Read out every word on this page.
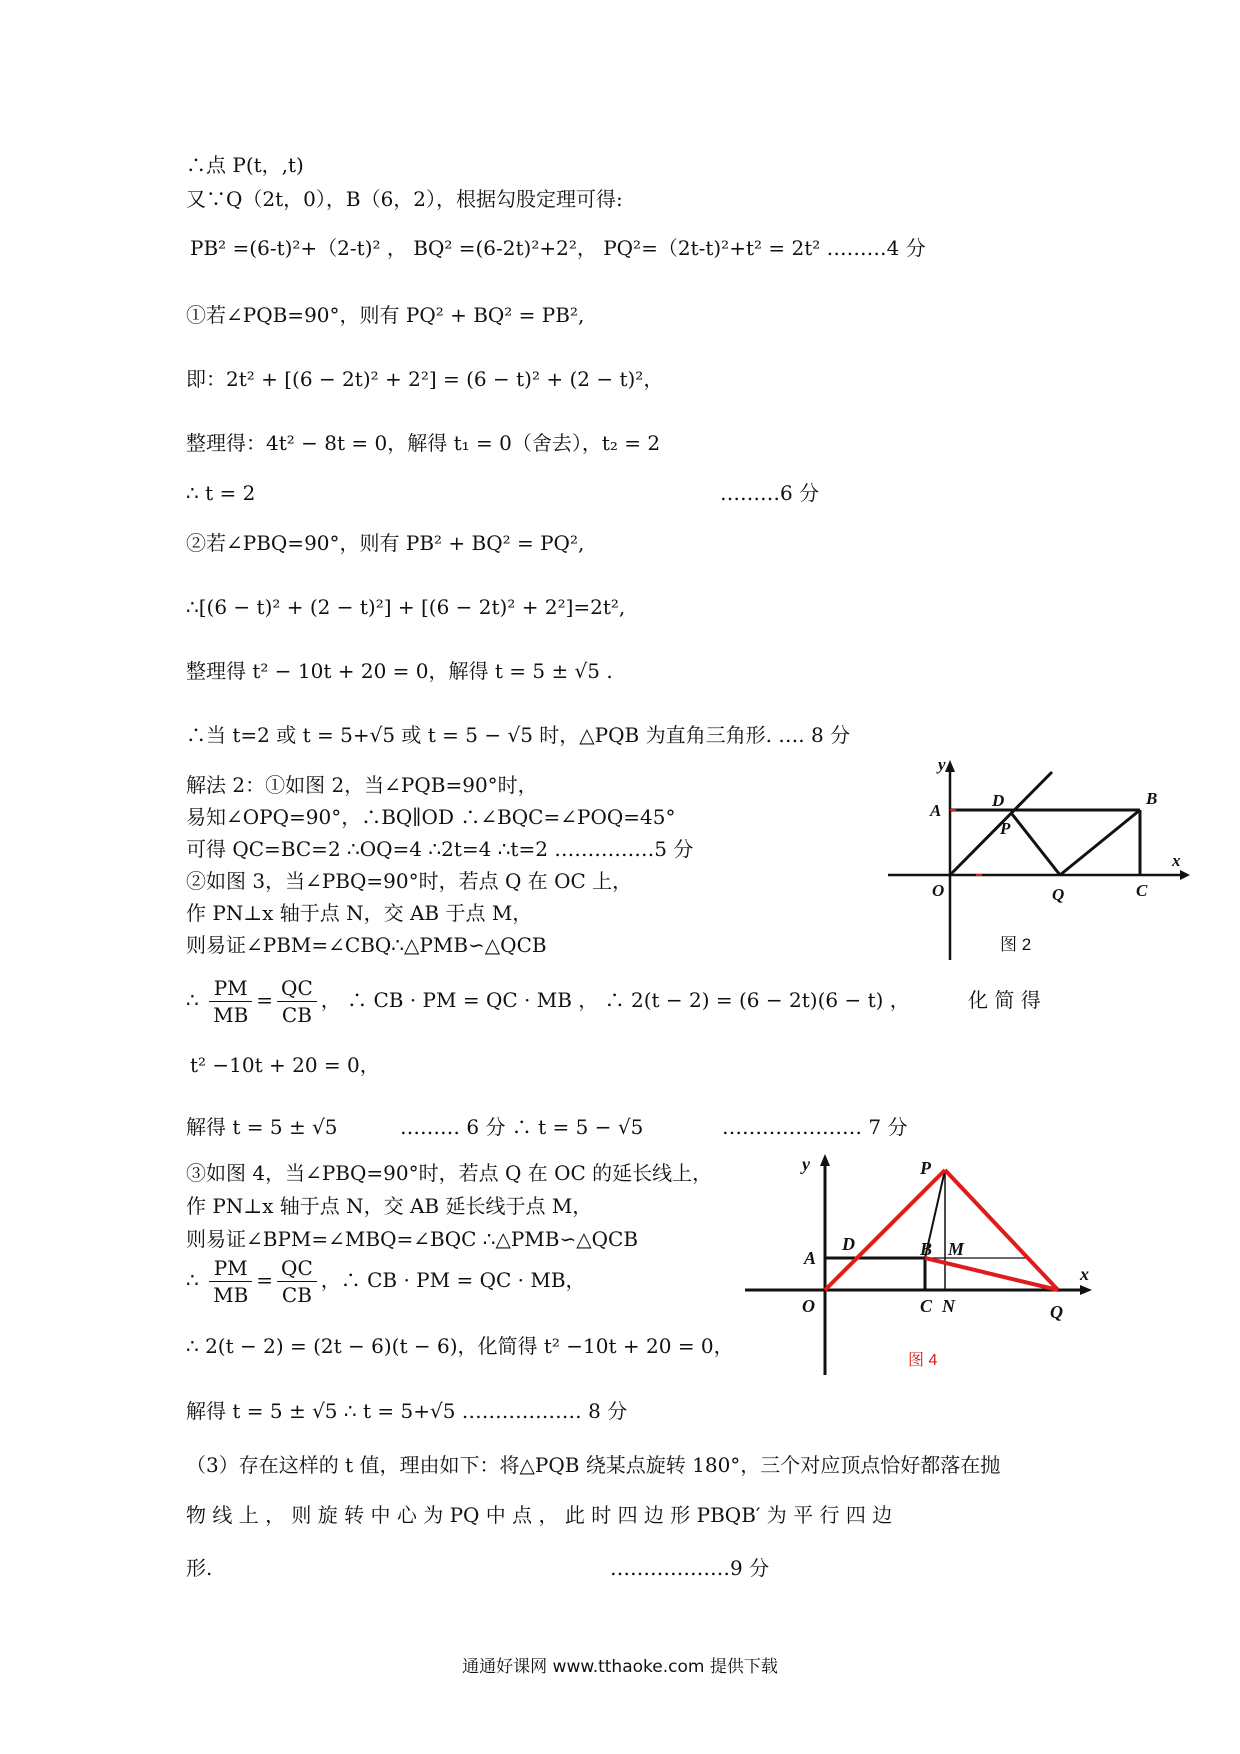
∴点 P(t，,t)
又∵Q（2t，0），B（6，2），根据勾股定理可得:
PB² =(6-t)²+（2-t)² ， BQ² =(6-2t)²+2²， PQ²=（2t-t)²+t² = 2t² ………4 分
①若∠PQB=90°，则有 PQ² + BQ² = PB²,
即：2t² + [(6 − 2t)² + 2²] = (6 − t)² + (2 − t)²，
整理得：4t² − 8t = 0，解得 t₁ = 0（舍去），t₂ = 2
∴ t = 2	………6 分
②若∠PBQ=90°，则有 PB² + BQ² = PQ²,
∴[(6 − t)² + (2 − t)²] + [(6 − 2t)² + 2²]=2t²,
整理得 t² − 10t + 20 = 0，解得 t = 5 ± √5 .
∴当 t=2 或 t = 5+√5 或 t = 5 − √5 时，△PQB 为直角三角形. …. 8 分
解法 2：①如图 2，当∠PQB=90°时，
易知∠OPQ=90°，∴BQ∥OD ∴∠BQC=∠POQ=45°
可得 QC=BC=2 ∴OQ=4 ∴2t=4 ∴t=2 ……………5 分
②如图 3，当∠PBQ=90°时，若点 Q 在 OC 上，
作 PN⊥x 轴于点 N，交 AB 于点 M，
则易证∠PBM=∠CBQ∴△PMB∽△QCB
∴ $\frac{PM}{MB} = \frac{QC}{CB}$ ， ∴ CB · PM = QC · MB ， ∴ 2(t − 2) = (6 − 2t)(6 − t) ，	化 简 得
t² −10t + 20 = 0，
解得 t = 5 ± √5	……… 6 分 ∴ t = 5 − √5	………………… 7 分
③如图 4，当∠PBQ=90°时，若点 Q 在 OC 的延长线上，
作 PN⊥x 轴于点 N，交 AB 延长线于点 M，
则易证∠BPM=∠MBQ=∠BQC ∴△PMB∽△QCB
∴ $\frac{PM}{MB} = \frac{QC}{CB}$ ，∴ CB · PM = QC · MB，
∴ 2(t − 2) = (2t − 6)(t − 6)，化简得 t² −10t + 20 = 0，
解得 t = 5 ± √5 ∴ t = 5+√5 ……………… 8 分
（3）存在这样的 t 值，理由如下：将△PQB 绕某点旋转 180°，三个对应顶点恰好都落在抛
物 线 上 ， 则 旋 转 中 心 为 PQ 中 点 ， 此 时 四 边 形 PBQB′ 为 平 行 四 边
形.	………………9 分
y
x
A
B
D
P
O	Q	C
图 2
y
x
P
A
D	B M
O	C N	Q
图 4
通通好课网 www.tthaoke.com 提供下载
